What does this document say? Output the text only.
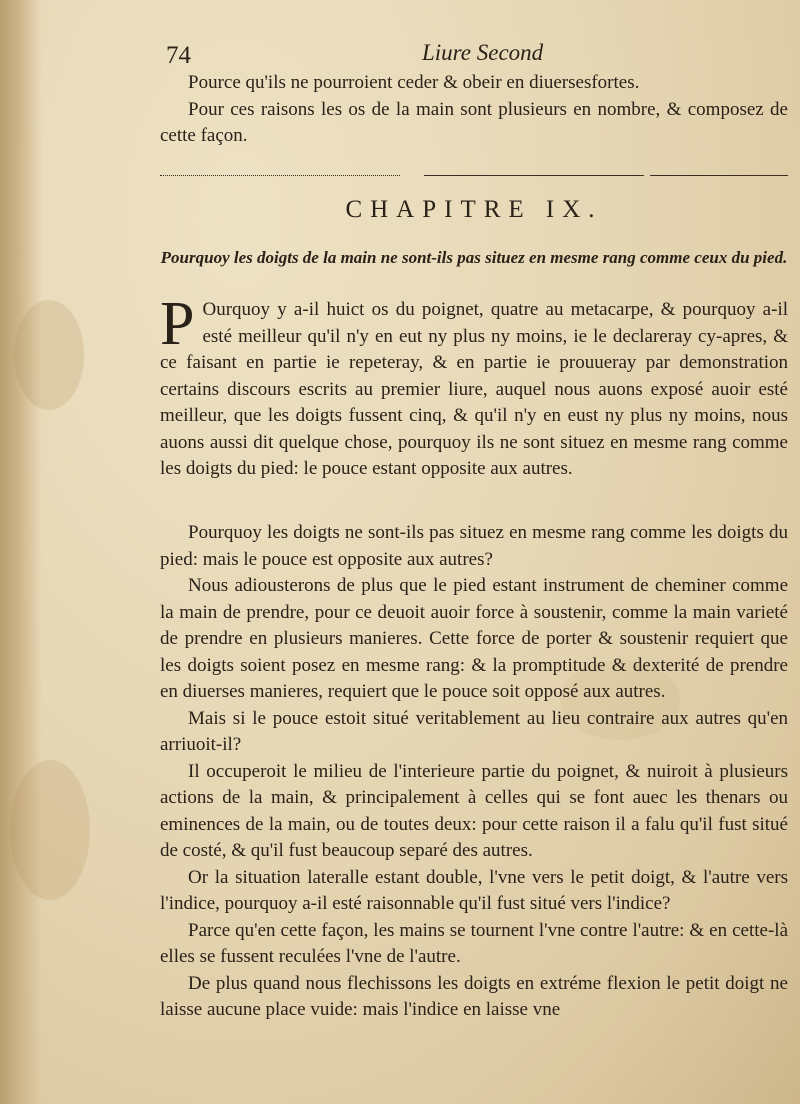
74	Liure Second

Pource qu'ils ne pourroient ceder & obeir en diuersesfortes.

Pour ces raisons les os de la main sont plusieurs en nombre, & composez de cette façon.

CHAPITRE IX.
Pourquoy les doigts de la main ne sont-ils pas situez en mesme rang comme ceux du pied.

P Ourquoy y a-il huict os du poignet, quatre au metacarpe, & pourquoy a-il esté meilleur qu'il n'y en eut ny plus ny moins, ie le declareray cy-apres, & ce faisant en partie ie repeteray, & en partie ie prouueray par demonstration certains discours escrits au premier liure, auquel nous auons exposé auoir esté meilleur, que les doigts fussent cinq, & qu'il n'y en eust ny plus ny moins, nous auons aussi dit quelque chose, pourquoy ils ne sont situez en mesme rang comme les doigts du pied: le pouce estant opposite aux autres.

Pourquoy les doigts ne sont-ils pas situez en mesme rang comme les doigts du pied: mais le pouce est opposite aux autres?

Nous adiousterons de plus que le pied estant instrument de cheminer comme la main de prendre, pour ce deuoit auoir force à soustenir, comme la main varieté de prendre en plusieurs manieres. Cette force de porter & soustenir requiert que les doigts soient posez en mesme rang: & la promptitude & dexterité de prendre en diuerses manieres, requiert que le pouce soit opposé aux autres.

Mais si le pouce estoit situé veritablement au lieu contraire aux autres qu'en arriuoit-il?

Il occuperoit le milieu de l'interieure partie du poignet, & nuiroit à plusieurs actions de la main, & principalement à celles qui se font auec les thenars ou eminences de la main, ou de toutes deux: pour cette raison il a falu qu'il fust situé de costé, & qu'il fust beaucoup separé des autres.

Or la situation lateralle estant double, l'vne vers le petit doigt, & l'autre vers l'indice, pourquoy a-il esté raisonnable qu'il fust situé vers l'indice?

Parce qu'en cette façon, les mains se tournent l'vne contre l'autre: & en cette-là elles se fussent reculées l'vne de l'autre.

De plus quand nous flechissons les doigts en extréme flexion le petit doigt ne laisse aucune place vuide: mais l'indice en laisse vne
